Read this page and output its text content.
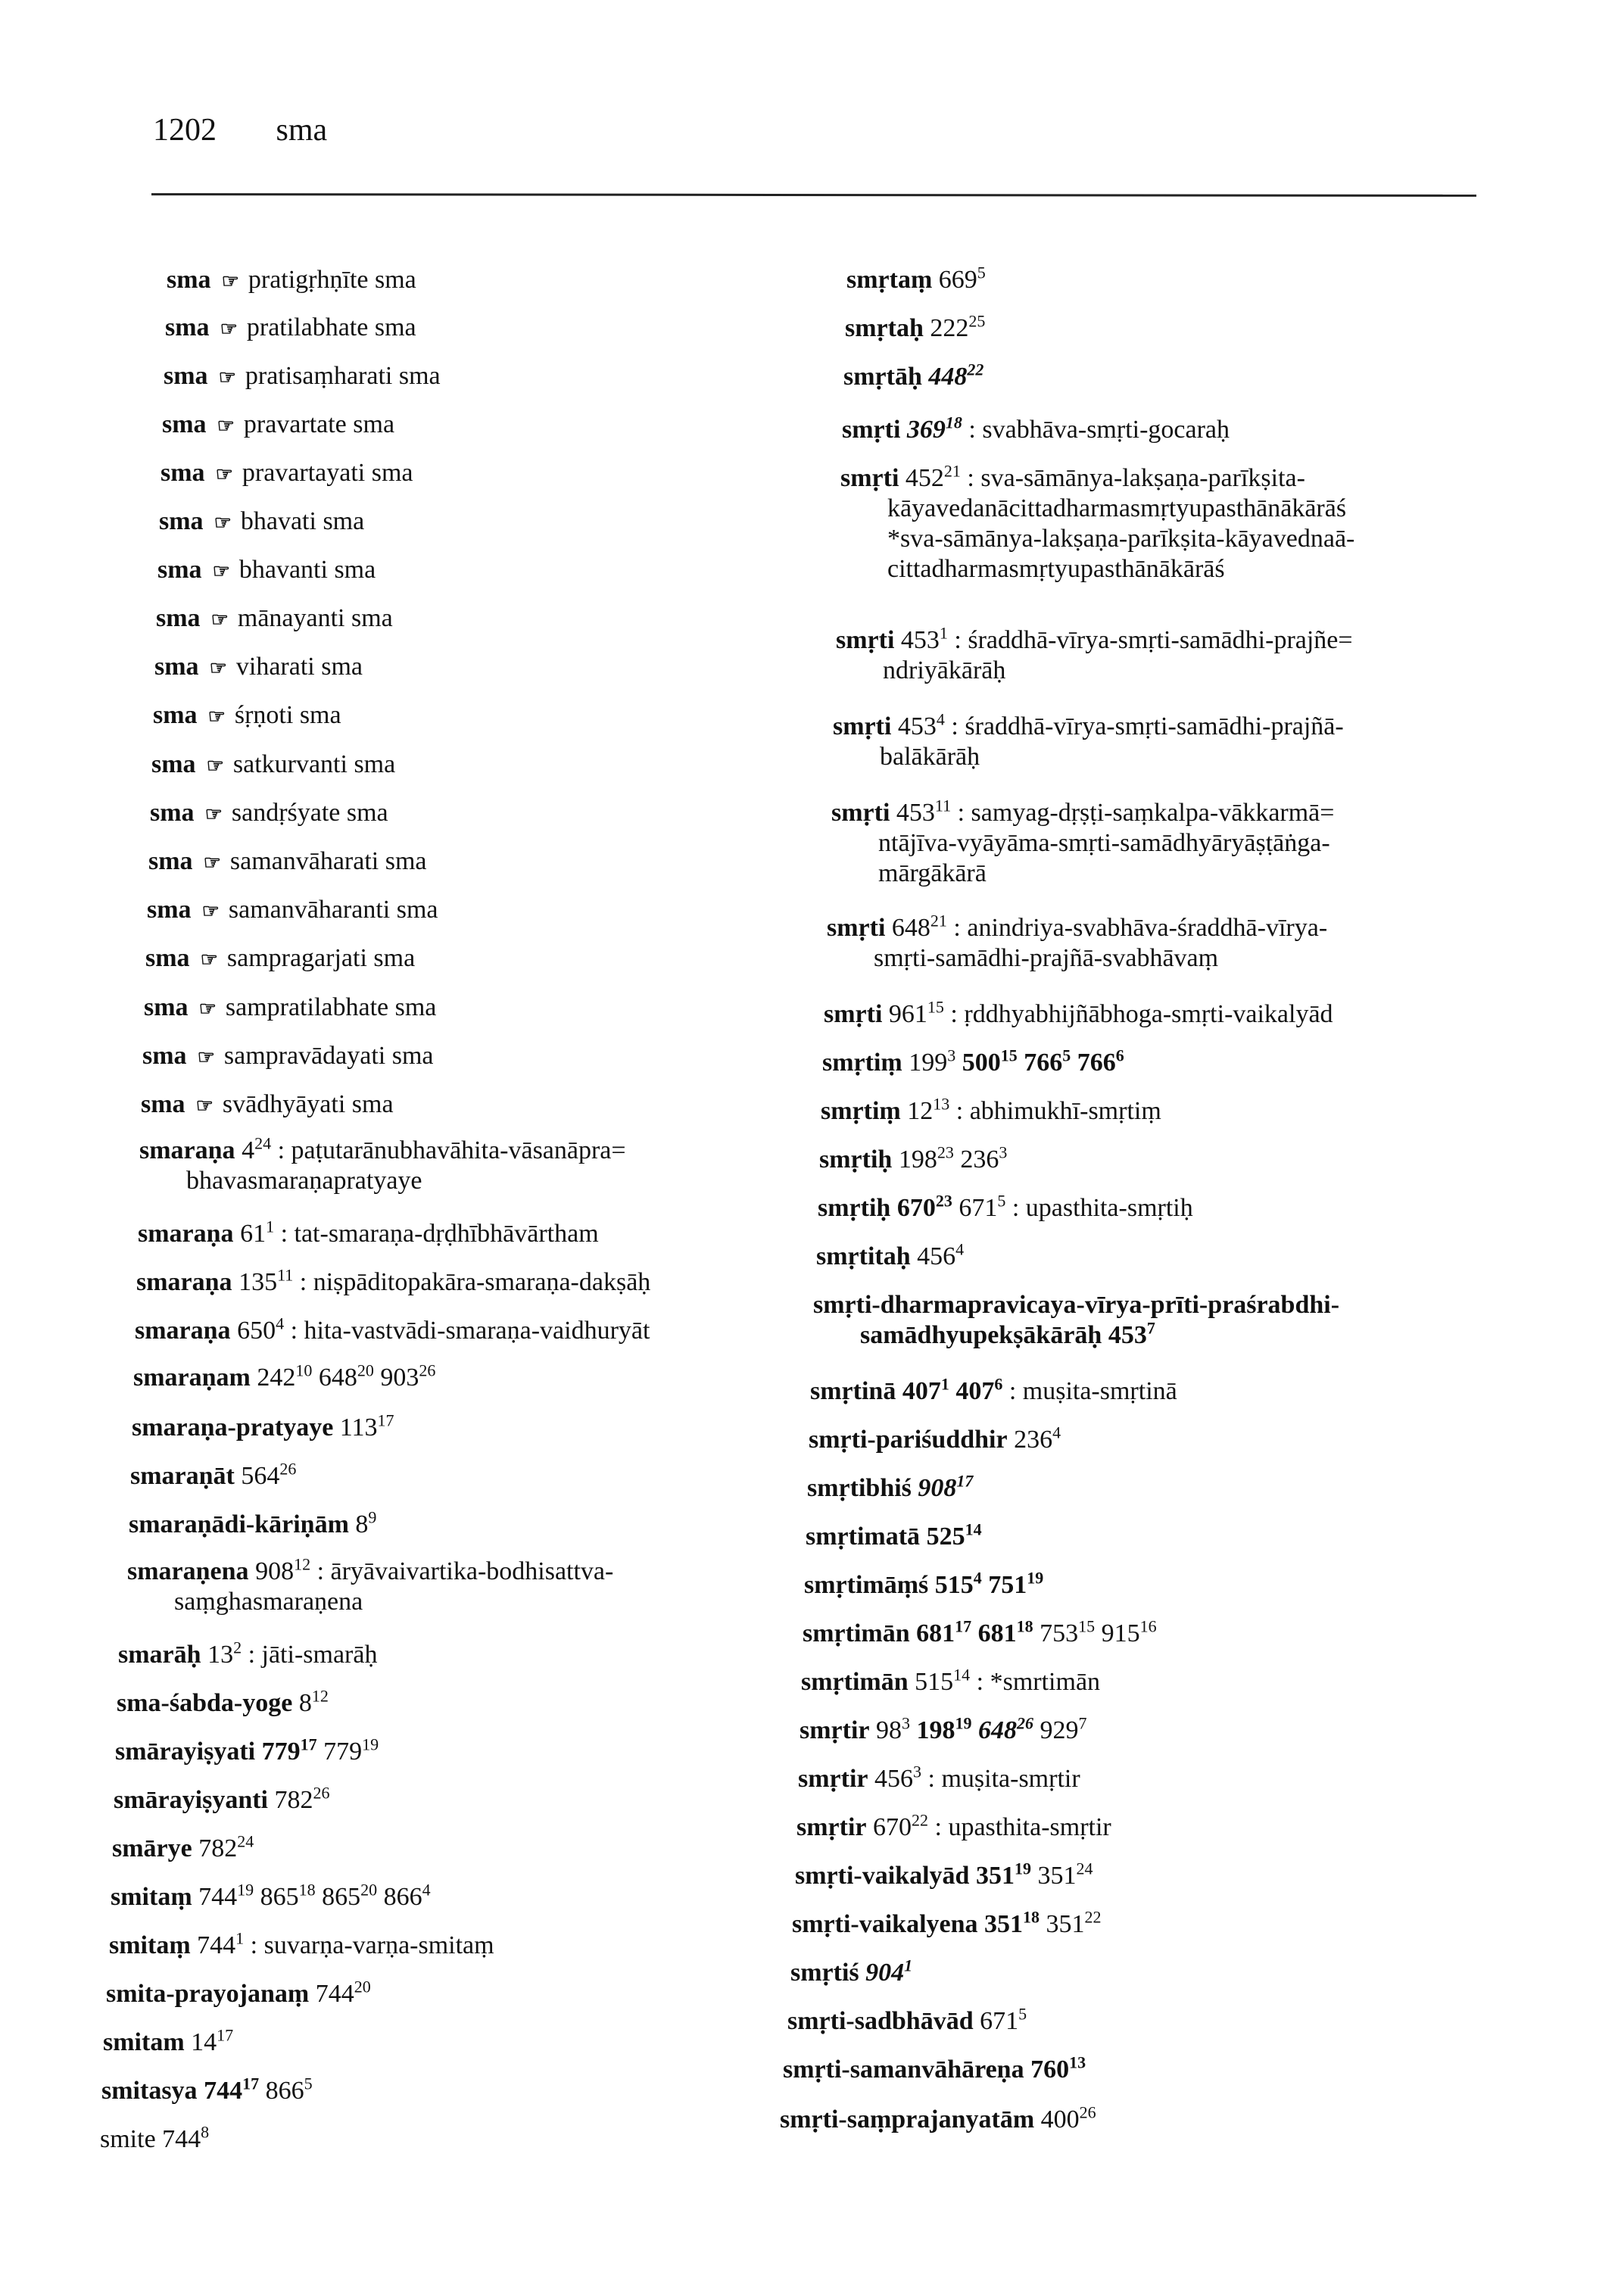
1202 sma
sma ☞ pratigṛhṇīte sma
sma ☞ pratilabhate sma
sma ☞ pratisaṃharati sma
sma ☞ pravartate sma
sma ☞ pravartayati sma
sma ☞ bhavati sma
sma ☞ bhavanti sma
sma ☞ mānayanti sma
sma ☞ viharati sma
sma ☞ śṛṇoti sma
sma ☞ satkurvanti sma
sma ☞ sandṛśyate sma
sma ☞ samanvāharati sma
sma ☞ samanvāharanti sma
sma ☞ sampragarjati sma
sma ☞ sampratilabhate sma
sma ☞ sampravādayati sma
sma ☞ svādhyāyati sma
smaraṇa $4^{24}$ : paṭutarānubhavāhita-vāsanāpra=
bhavasmaraṇapratyaye
smaraṇa $61^1$ : tat-smaraṇa-dṛḍhībhāvārtham
smaraṇa $135^{11}$ : niṣpāditopakāra-smaraṇa-dakṣāḥ
smaraṇa $650^4$ : hita-vastvādi-smaraṇa-vaidhuryāt
smaraṇam $242^{10}$ $648^{20}$ $903^{26}$
smaraṇa-pratyaye $113^{17}$
smaraṇāt $564^{26}$
smaraṇādi-kāriṇām $8^9$
smaraṇena $908^{12}$ : āryāvaivartika-bodhisattva-
saṃghasmaraṇena
smarāḥ $13^2$ : jāti-smarāḥ
sma-śabda-yoge $8^{12}$
smārayiṣyati $779^{17}$ $779^{19}$
smārayiṣyanti $782^{26}$
smārye $782^{24}$
smitaṃ $744^{19}$ $865^{18}$ $865^{20}$ $866^4$
smitaṃ $744^1$ : suvarṇa-varṇa-smitaṃ
smita-prayojanaṃ $744^{20}$
smitam $14^{17}$
smitasya $744^{17}$ $866^5$
smite $744^8$
smṛtaṃ $669^5$
smṛtaḥ $222^{25}$
smṛtāḥ $448^{22}$
smṛti $369^{18}$ : svabhāva-smṛti-gocaraḥ
smṛti $452^{21}$ : sva-sāmānya-lakṣaṇa-parīkṣita-
kāyavedanācittadharmasmṛtyupasthānākārāś
*sva-sāmānya-lakṣaṇa-parīkṣita-kāyavednaā-
cittadharmasmṛtyupasthānākārāś
smṛti $453^1$ : śraddhā-vīrya-smṛti-samādhi-prajñe=
ndriyākārāḥ
smṛti $453^4$ : śraddhā-vīrya-smṛti-samādhi-prajñā-
balākārāḥ
smṛti $453^{11}$ : samyag-dṛṣṭi-saṃkalpa-vākkarmā=
ntājīva-vyāyāma-smṛti-samādhyāryāṣṭāṅga-
mārgākārā
smṛti $648^{21}$ : anindriya-svabhāva-śraddhā-vīrya-
smṛti-samādhi-prajñā-svabhāvaṃ
smṛti $961^{15}$ : ṛddhyabhijñābhoga-smṛti-vaikalyād
smṛtiṃ $199^3$ $500^{15}$ $766^5$ $766^6$
smṛtiṃ $12^{13}$ : abhimukhī-smṛtiṃ
smṛtiḥ $198^{23}$ $236^3$
smṛtiḥ $670^{23}$ $671^5$ : upasthita-smṛtiḥ
smṛtitaḥ $456^4$
smṛti-dharmapravicaya-vīrya-prīti-praśrabdhi-
samādhyupekṣākārāḥ $453^7$
smṛtinā $407^1$ $407^6$ : muṣita-smṛtinā
smṛti-pariśuddhir $236^4$
smṛtibhiś $908^{17}$
smṛtimatā $525^{14}$
smṛtimāṃś $515^4$ $751^{19}$
smṛtimān $681^{17}$ $681^{18}$ $753^{15}$ $915^{16}$
smṛtimān $515^{14}$ : *smrtimān
smṛtir $98^3$ $198^{19}$ $648^{26}$ $929^7$
smṛtir $456^3$ : muṣita-smṛtir
smṛtir $670^{22}$ : upasthita-smṛtir
smṛti-vaikalyād $351^{19}$ $351^{24}$
smṛti-vaikalyena $351^{18}$ $351^{22}$
smṛtiś $904^1$
smṛti-sadbhāvād $671^5$
smṛti-samanvāhāreṇa $760^{13}$
smṛti-saṃprajanyatām $400^{26}$
